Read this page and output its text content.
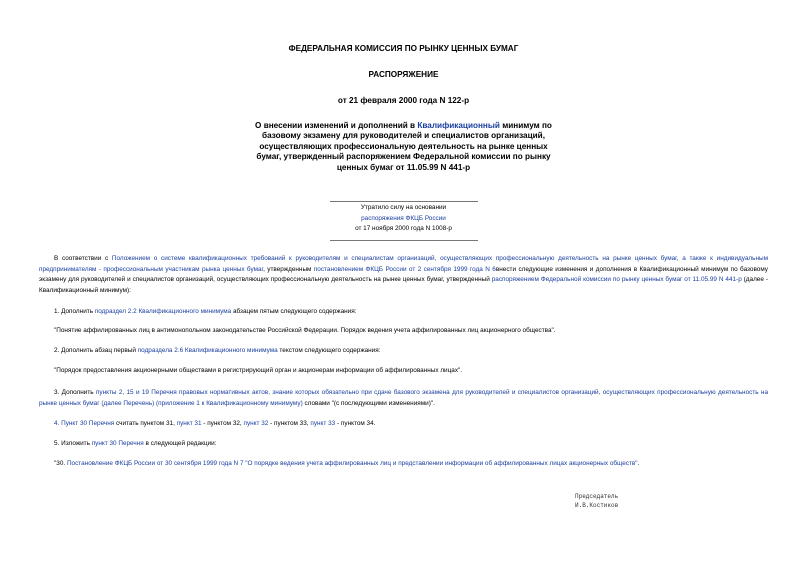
ФЕДЕРАЛЬНАЯ КОМИССИЯ ПО РЫНКУ ЦЕННЫХ БУМАГ
РАСПОРЯЖЕНИЕ
от 21 февраля 2000 года N 122-р
О внесении изменений и дополнений в Квалификационный минимум по базовому экзамену для руководителей и специалистов организаций, осуществляющих профессиональную деятельность на рынке ценных бумаг, утвержденный распоряжением Федеральной комиссии по рынку ценных бумаг от 11.05.99 N 441-р
Утратило силу на основании
распоряжения ФКЦБ России
от 17 ноября 2000 года N 1008-р
В соответствии с Положением о системе квалификационных требований к руководителям и специалистам организаций, осуществляющих профессиональную деятельность на рынке ценных бумаг, а также к индивидуальным предпринимателям - профессиональным участникам рынка ценных бумаг, утвержденным постановлением ФКЦБ России от 2 сентября 1999 года N 6внести следующие изменения и дополнения в Квалификационный минимум по базовому экзамену для руководителей и специалистов организаций, осуществляющих профессиональную деятельность на рынке ценных бумаг, утвержденный распоряжением Федеральной комиссии по рынку ценных бумаг от 11.05.99 N 441-р (далее - Квалификационный минимум):
1. Дополнить подраздел 2.2 Квалификационного минимума абзацем пятым следующего содержания:
"Понятие аффилированных лиц в антимонопольном законодательстве Российской Федерации. Порядок ведения учета аффилированных лиц акционерного общества".
2. Дополнить абзац первый подраздела 2.6 Квалификационного минимума текстом следующего содержания:
"Порядок предоставления акционерными обществами в регистрирующий орган и акционерам информации об аффилированных лицах".
3. Дополнить пункты 2, 15 и 19 Перечня правовых нормативных актов, знание которых обязательно при сдаче базового экзамена для руководителей и специалистов организаций, осуществляющих профессиональную деятельность на рынке ценных бумаг (далее Перечень) (приложение 1 к Квалификационному минимуму) словами "(с последующими изменениями)".
4. Пункт 30 Перечня считать пунктом 31, пункт 31 - пунктом 32, пункт 32 - пунктом 33, пункт 33 - пунктом 34.
5. Изложить пункт 30 Перечня в следующей редакции:
"30. Постановление ФКЦБ России от 30 сентября 1999 года N 7 "О порядке ведения учета аффилированных лиц и представлении информации об аффилированных лицах акционерных обществ".
Председатель
И.В.Костиков
